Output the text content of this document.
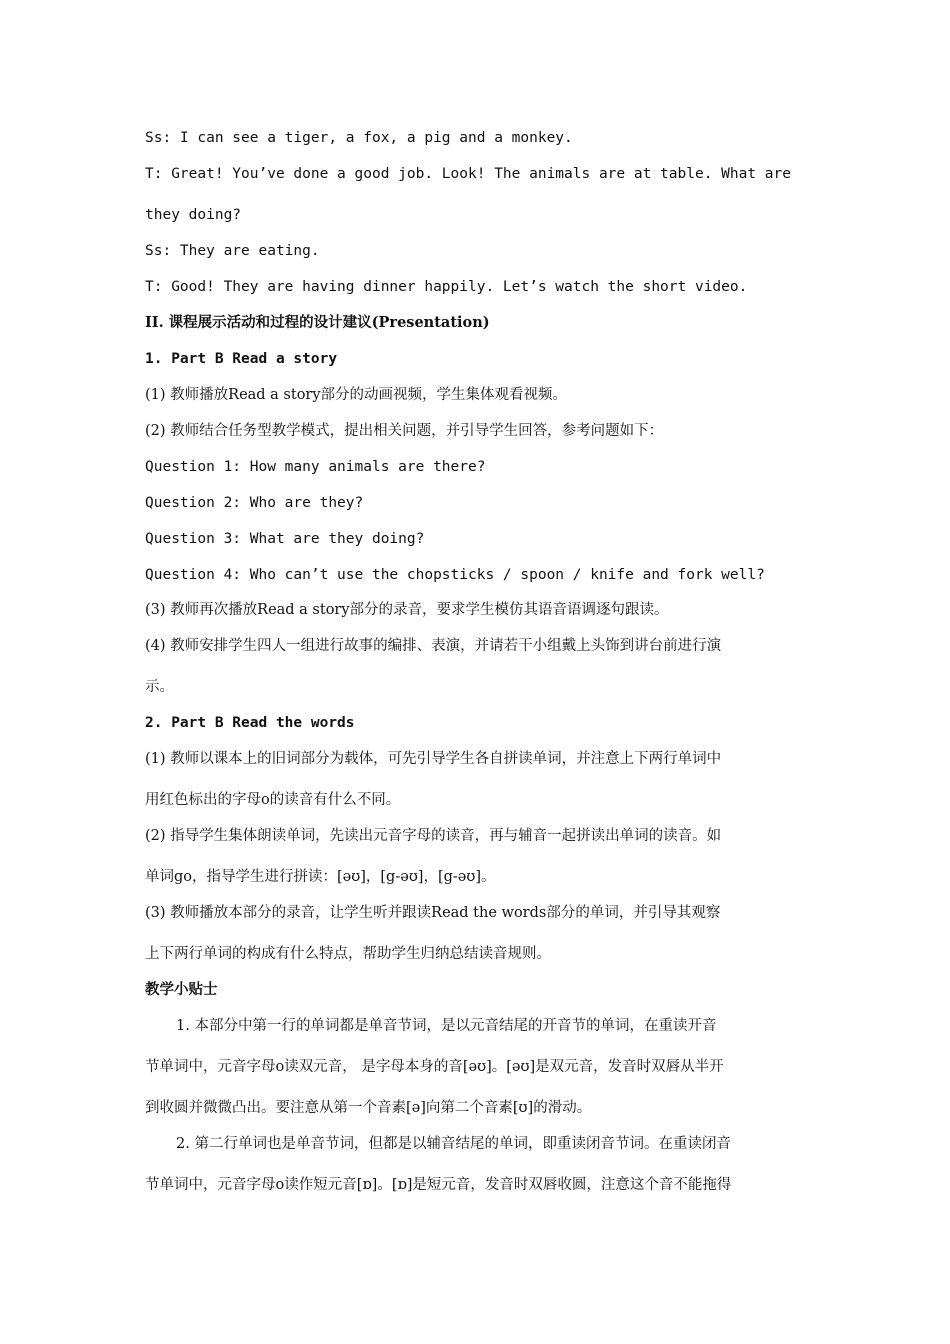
Ss: I can see a tiger, a fox, a pig and a monkey.

T: Great! You’ve done a good job. Look! The animals are at table. What are

they doing?

Ss: They are eating.

T: Good! They are having dinner happily. Let’s watch the short video.

II. 课程展示活动和过程的设计建议(Presentation)

1. Part B Read a story

(1) 教师播放Read a story部分的动画视频，学生集体观看视频。

(2) 教师结合任务型教学模式，提出相关问题，并引导学生回答，参考问题如下：

Question 1: How many animals are there?

Question 2: Who are they?

Question 3: What are they doing?

Question 4: Who can’t use the chopsticks / spoon / knife and fork well?

(3) 教师再次播放Read a story部分的录音，要求学生模仿其语音语调逐句跟读。

(4) 教师安排学生四人一组进行故事的编排、表演，并请若干小组戴上头饰到讲台前进行演

示。

2. Part B Read the words

(1) 教师以课本上的旧词部分为载体，可先引导学生各自拼读单词，并注意上下两行单词中

用红色标出的字母o的读音有什么不同。

(2) 指导学生集体朗读单词，先读出元音字母的读音，再与辅音一起拼读出单词的读音。如

单词go，指导学生进行拼读：[əʊ]，[g-əʊ]，[g-əʊ]。

(3) 教师播放本部分的录音，让学生听并跟读Read the words部分的单词，并引导其观察

上下两行单词的构成有什么特点，帮助学生归纳总结读音规则。

教学小贴士

1. 本部分中第一行的单词都是单音节词，是以元音结尾的开音节的单词，在重读开音

节单词中，元音字母o读双元音， 是字母本身的音[əʊ]。[əʊ]是双元音，发音时双唇从半开

到收圆并微微凸出。要注意从第一个音素[ə]向第二个音素[ʊ]的滑动。

2. 第二行单词也是单音节词，但都是以辅音结尾的单词，即重读闭音节词。在重读闭音

节单词中，元音字母o读作短元音[ɒ]。[ɒ]是短元音，发音时双唇收圆，注意这个音不能拖得
